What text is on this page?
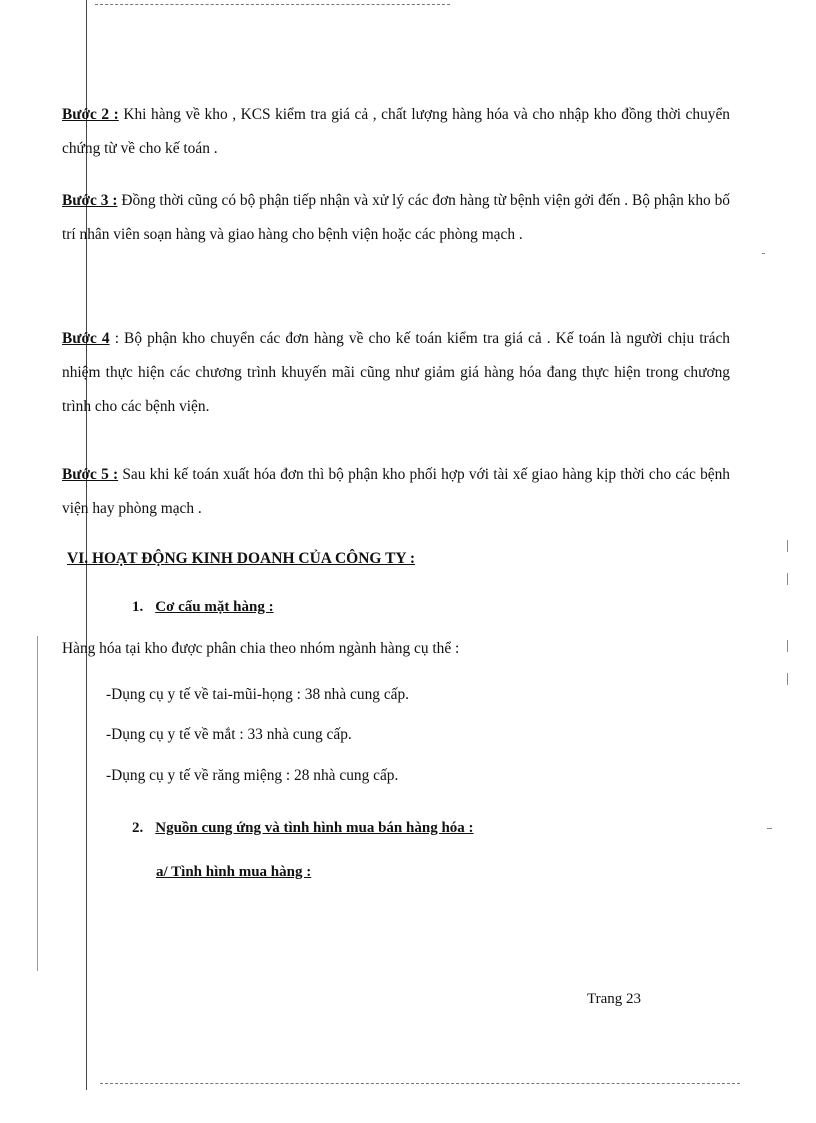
Bước 2 : Khi hàng về kho , KCS kiểm tra giá cả , chất lượng hàng hóa và cho nhập kho đồng thời chuyển chứng từ về cho kế toán .

Bước 3 : Đồng thời cũng có bộ phận tiếp nhận và xử lý các đơn hàng từ bệnh viện gởi đến . Bộ phận kho bố trí nhân viên soạn hàng và giao hàng cho bệnh viện hoặc các phòng mạch .

Bước 4 : Bộ phận kho chuyển các đơn hàng về cho kế toán kiểm tra giá cả . Kế toán là người chịu trách nhiệm thực hiện các chương trình khuyến mãi cũng như giảm giá hàng hóa đang thực hiện trong chương trình cho các bệnh viện.

Bước 5 : Sau khi kế toán xuất hóa đơn thì bộ phận kho phối hợp với tài xế giao hàng kịp thời cho các bệnh viện hay phòng mạch .

VI. HOẠT ĐỘNG KINH DOANH CỦA CÔNG TY :

1. Cơ cấu mặt hàng :

Hàng hóa tại kho được phân chia theo nhóm ngành hàng cụ thể :

-Dụng cụ y tế về tai-mũi-họng : 38 nhà cung cấp.

-Dụng cụ y tế về mắt : 33 nhà cung cấp.

-Dụng cụ y tế về răng miệng : 28 nhà cung cấp.

2. Nguồn cung ứng và tình hình mua bán hàng hóa :

a/ Tình hình mua hàng :

Trang 23
